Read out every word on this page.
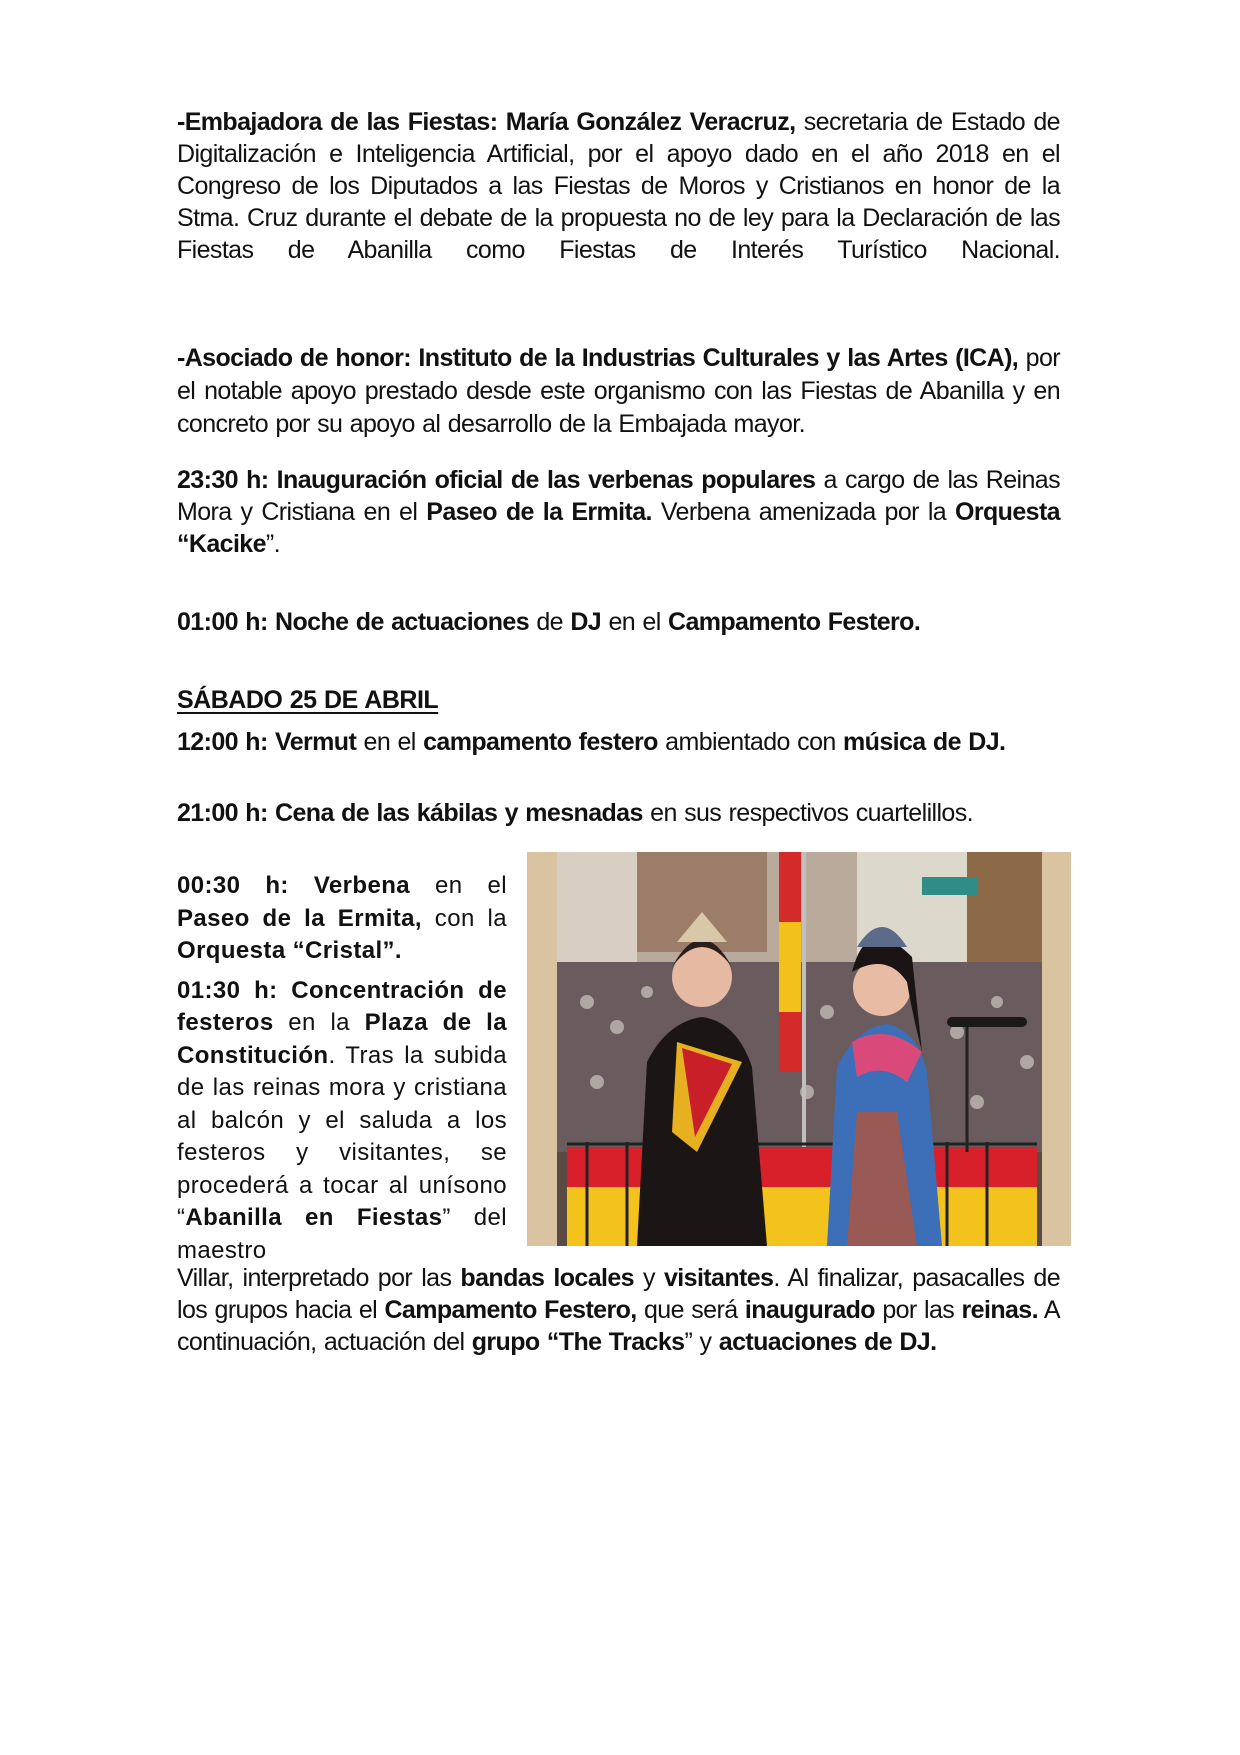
-Embajadora de las Fiestas: María González Veracruz, secretaria de Estado de Digitalización e Inteligencia Artificial, por el apoyo dado en el año 2018 en el Congreso de los Diputados a las Fiestas de Moros y Cristianos en honor de la Stma. Cruz durante el debate de la propuesta no de ley para la Declaración de las Fiestas de Abanilla como Fiestas de Interés Turístico Nacional.

-Asociado de honor: Instituto de la Industrias Culturales y las Artes (ICA), por el notable apoyo prestado desde este organismo con las Fiestas de Abanilla y en concreto por su apoyo al desarrollo de la Embajada mayor.

23:30 h: Inauguración oficial de las verbenas populares a cargo de las Reinas Mora y Cristiana en el Paseo de la Ermita. Verbena amenizada por la Orquesta “Kacike”.

01:00 h: Noche de actuaciones de DJ en el Campamento Festero.

SÁBADO 25 DE ABRIL

12:00 h: Vermut en el campamento festero ambientado con música de DJ.

21:00 h: Cena de las kábilas y mesnadas en sus respectivos cuartelillos.

00:30 h: Verbena en el Paseo de la Ermita, con la Orquesta “Cristal”.

01:30 h: Concentración de festeros en la Plaza de la Constitución. Tras la subida de las reinas mora y cristiana al balcón y el saluda a los festeros y visitantes, se procederá a tocar al unísono “Abanilla en Fiestas” del maestro

Villar, interpretado por las bandas locales y visitantes. Al finalizar, pasacalles de los grupos hacia el Campamento Festero, que será inaugurado por las reinas. A continuación, actuación del grupo “The Tracks” y actuaciones de DJ.
